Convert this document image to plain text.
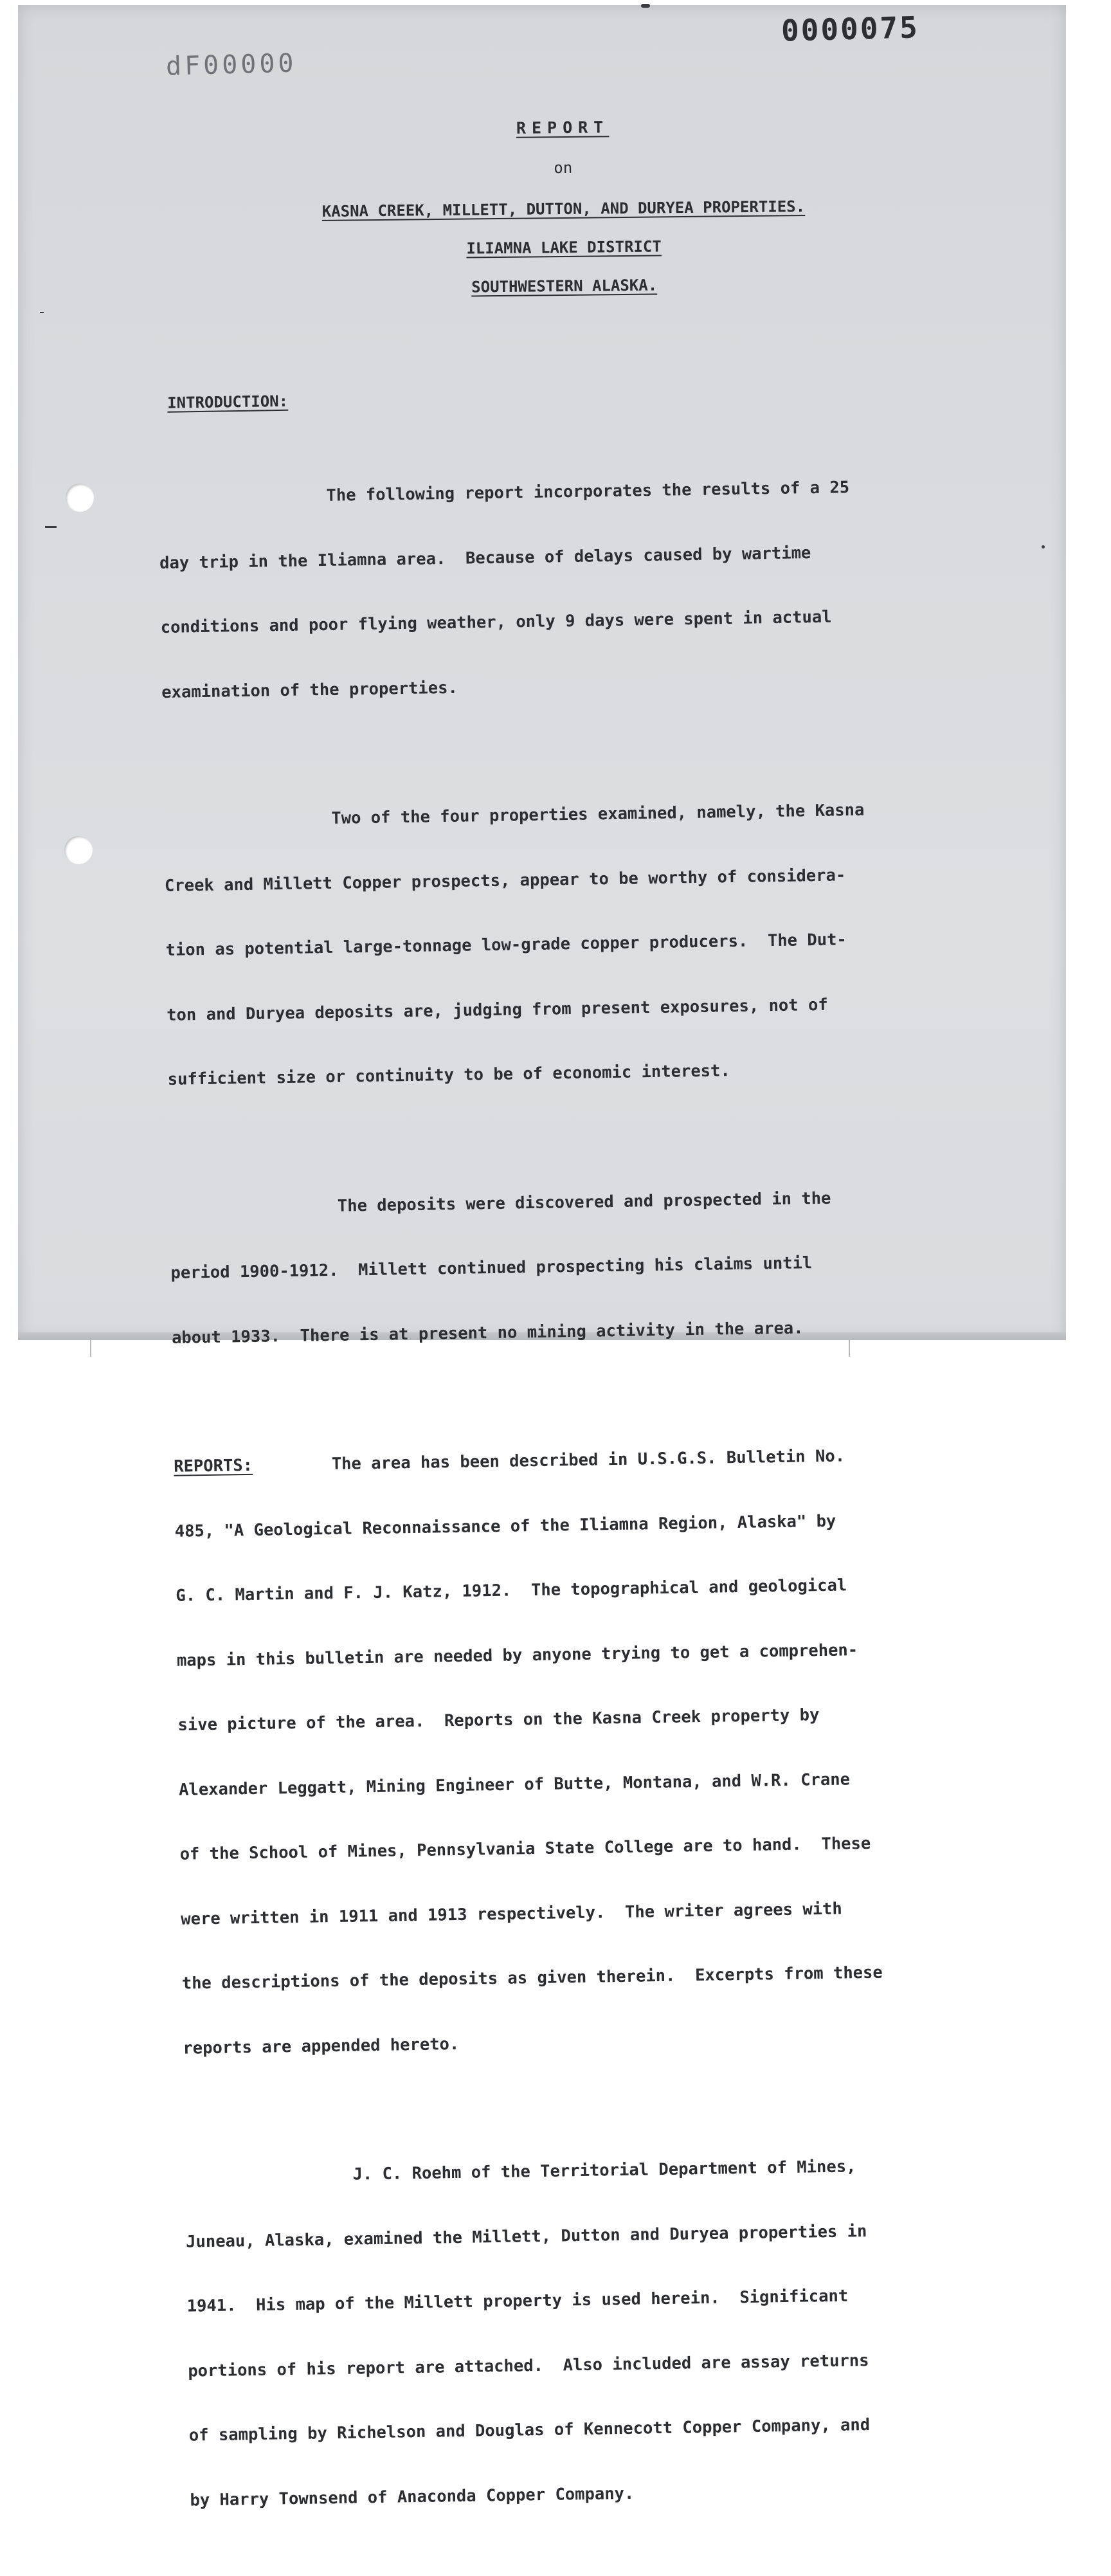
0000075
dF00000

REPORT

on

KASNA CREEK, MILLETT, DUTTON, AND DURYEA PROPERTIES.

ILIAMNA LAKE DISTRICT

SOUTHWESTERN ALASKA.

INTRODUCTION:

The following report incorporates the results of a 25

day trip in the Iliamna area.  Because of delays caused by wartime

conditions and poor flying weather, only 9 days were spent in actual

examination of the properties.

Two of the four properties examined, namely, the Kasna

Creek and Millett Copper prospects, appear to be worthy of considera-

tion as potential large-tonnage low-grade copper producers.  The Dut-

ton and Duryea deposits are, judging from present exposures, not of

sufficient size or continuity to be of economic interest.

The deposits were discovered and prospected in the

period 1900-1912.  Millett continued prospecting his claims until

about 1933.  There is at present no mining activity in the area.

REPORTS:        The area has been described in U.S.G.S. Bulletin No.

485, "A Geological Reconnaissance of the Iliamna Region, Alaska" by

G. C. Martin and F. J. Katz, 1912.  The topographical and geological

maps in this bulletin are needed by anyone trying to get a comprehen-

sive picture of the area.  Reports on the Kasna Creek property by

Alexander Leggatt, Mining Engineer of Butte, Montana, and W.R. Crane

of the School of Mines, Pennsylvania State College are to hand.  These

were written in 1911 and 1913 respectively.  The writer agrees with

the descriptions of the deposits as given therein.  Excerpts from these

reports are appended hereto.

J. C. Roehm of the Territorial Department of Mines,

Juneau, Alaska, examined the Millett, Dutton and Duryea properties in

1941.  His map of the Millett property is used herein.  Significant

portions of his report are attached.  Also included are assay returns

of sampling by Richelson and Douglas of Kennecott Copper Company, and

by Harry Townsend of Anaconda Copper Company.
